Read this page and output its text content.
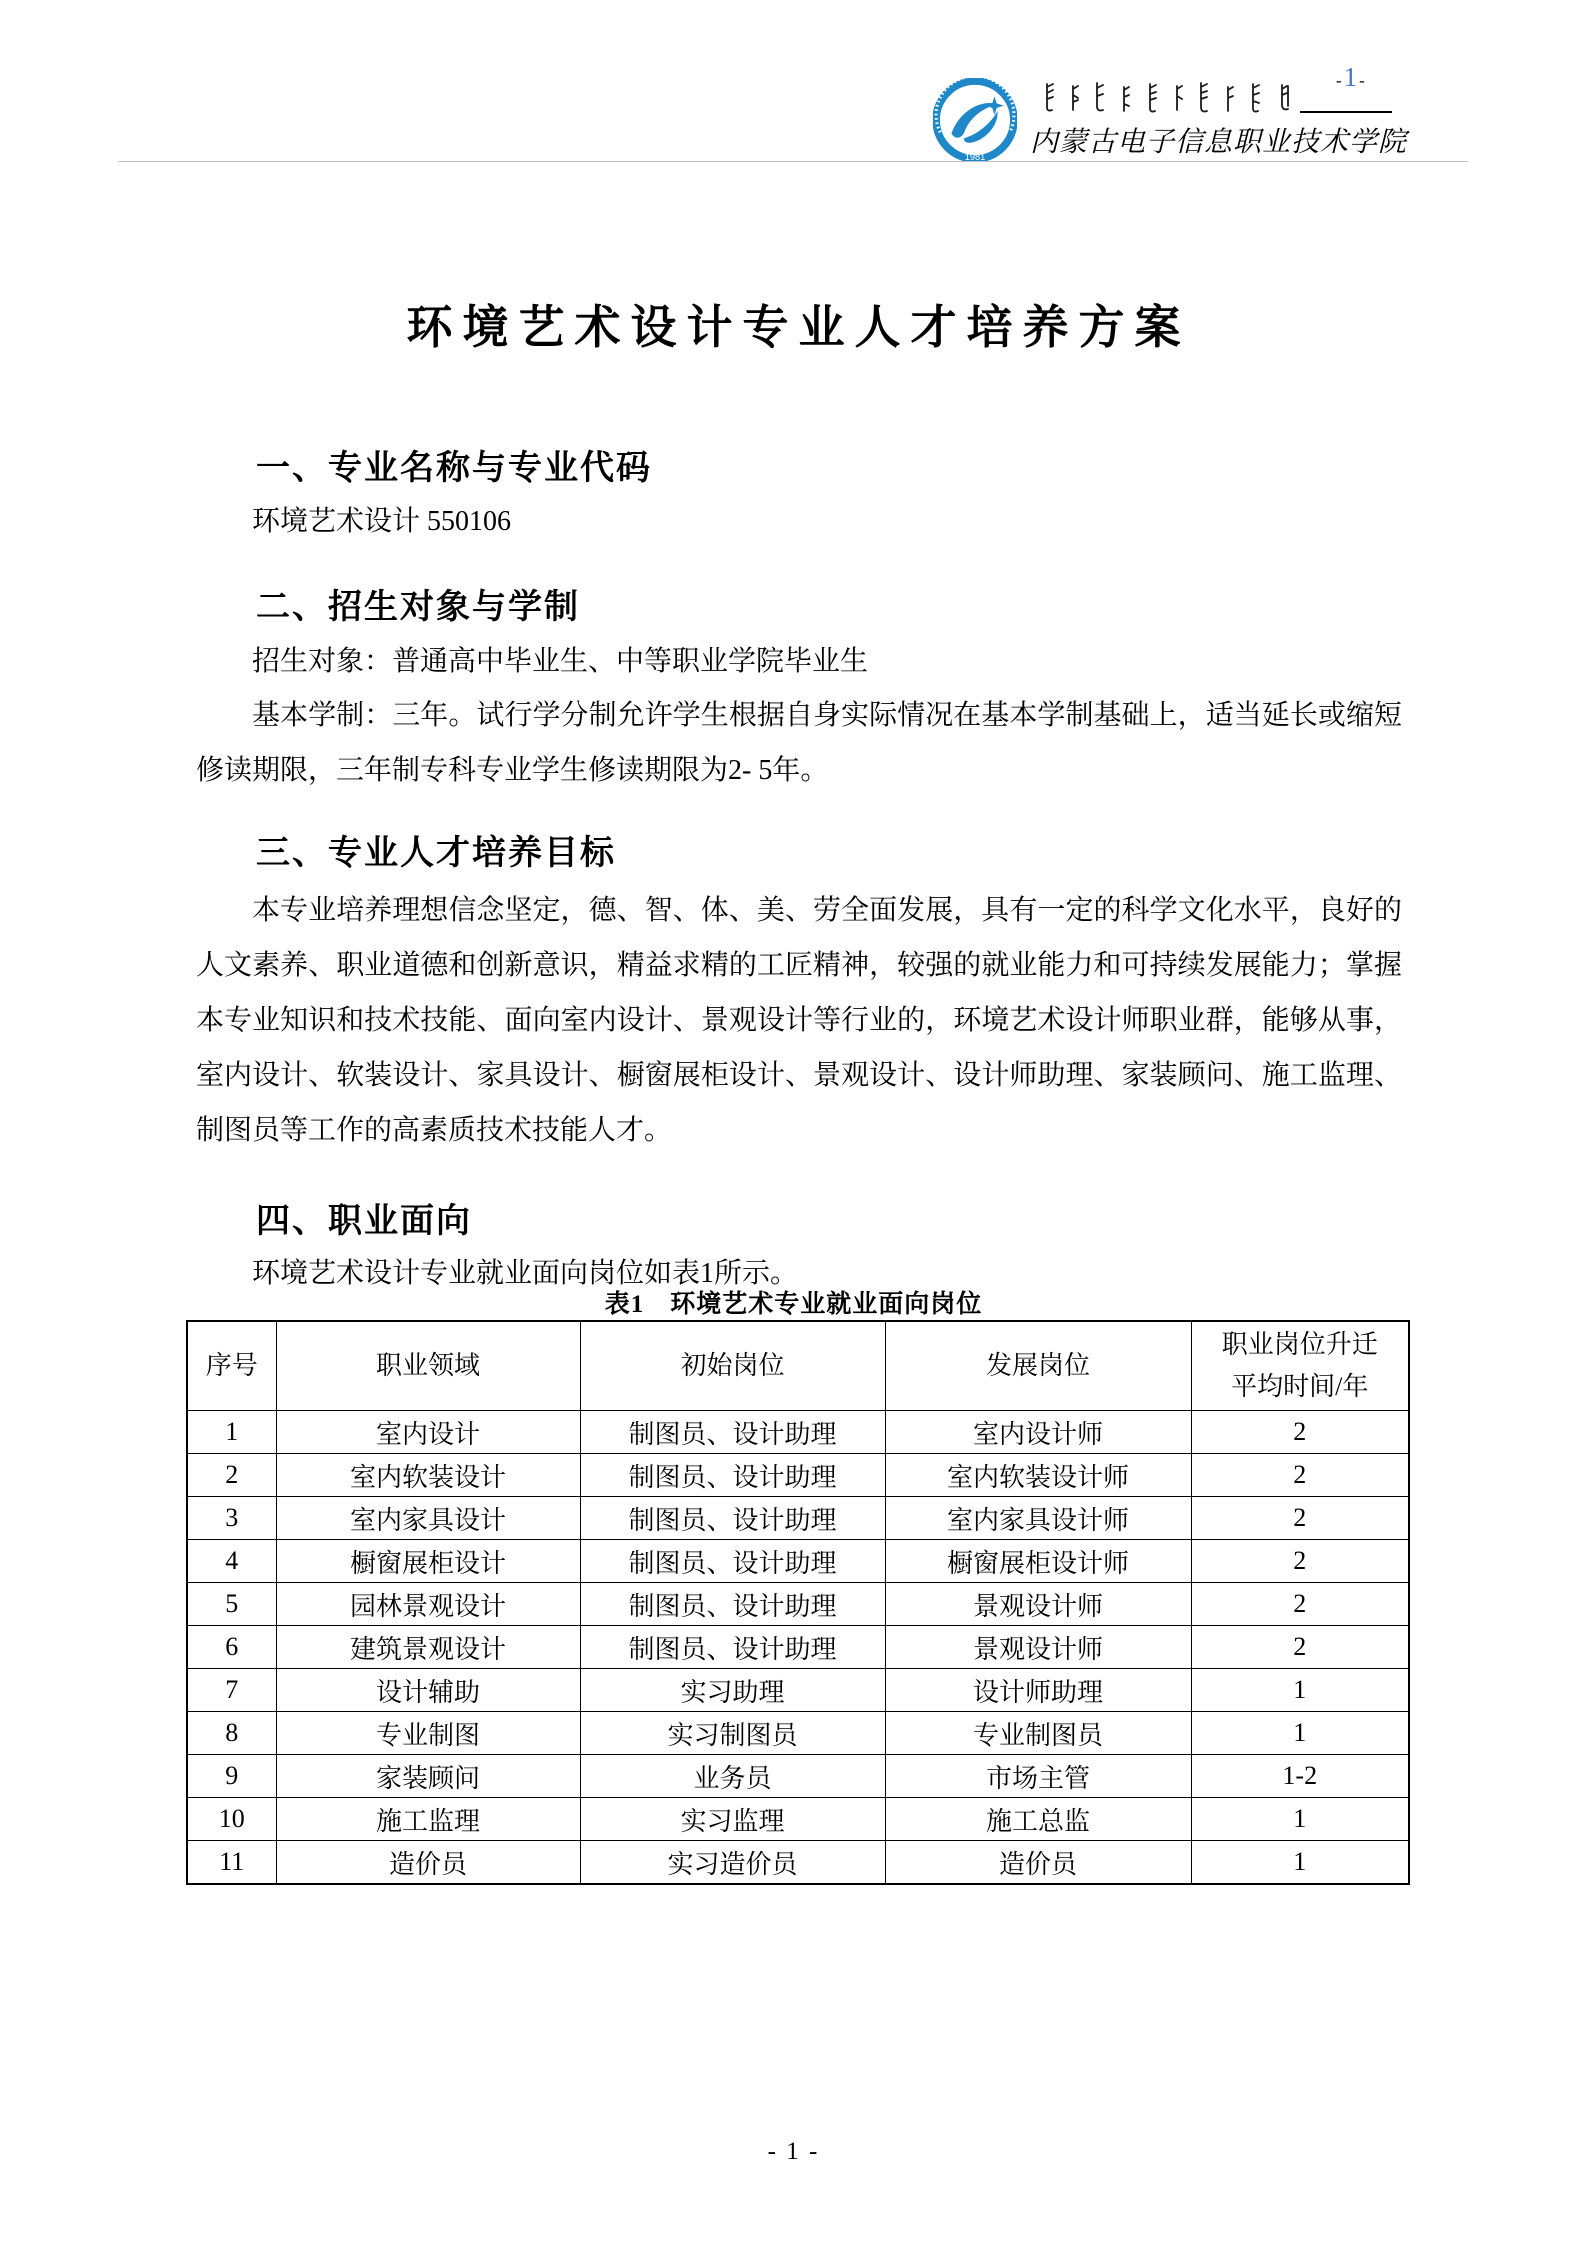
1981
-1 -
内蒙古电子信息职业技术学院
环境艺术设计专业人才培养方案
一、专业名称与专业代码
环境艺术设计 550106
二、招生对象与学制
招生对象：普通高中毕业生、中等职业学院毕业生
基本学制：三年。试行学分制允许学生根据自身实际情况在基本学制基础上，适当延长或缩短
修读期限，三年制专科专业学生修读期限为2- 5年。
三、专业人才培养目标
本专业培养理想信念坚定，德、智、体、美、劳全面发展，具有一定的科学文化水平，良好的
人文素养、职业道德和创新意识，精益求精的工匠精神，较强的就业能力和可持续发展能力；掌握
本专业知识和技术技能、面向室内设计、景观设计等行业的，环境艺术设计师职业群，能够从事，
室内设计、软装设计、家具设计、橱窗展柜设计、景观设计、设计师助理、家装顾问、施工监理、
制图员等工作的高素质技术技能人才。
四、职业面向
环境艺术设计专业就业面向岗位如表1所示。
表1　环境艺术专业就业面向岗位
序号	职业领域	初始岗位	发展岗位	职业岗位升迁
平均时间/年

1	室内设计	制图员、设计助理	室内设计师	2
2	室内软装设计	制图员、设计助理	室内软装设计师	2
3	室内家具设计	制图员、设计助理	室内家具设计师	2
4	橱窗展柜设计	制图员、设计助理	橱窗展柜设计师	2
5	园林景观设计	制图员、设计助理	景观设计师	2
6	建筑景观设计	制图员、设计助理	景观设计师	2
7	设计辅助	实习助理	设计师助理	1
8	专业制图	实习制图员	专业制图员	1
9	家装顾问	业务员	市场主管	1-2
10	施工监理	实习监理	施工总监	1
11	造价员	实习造价员	造价员	1
- 1 -
